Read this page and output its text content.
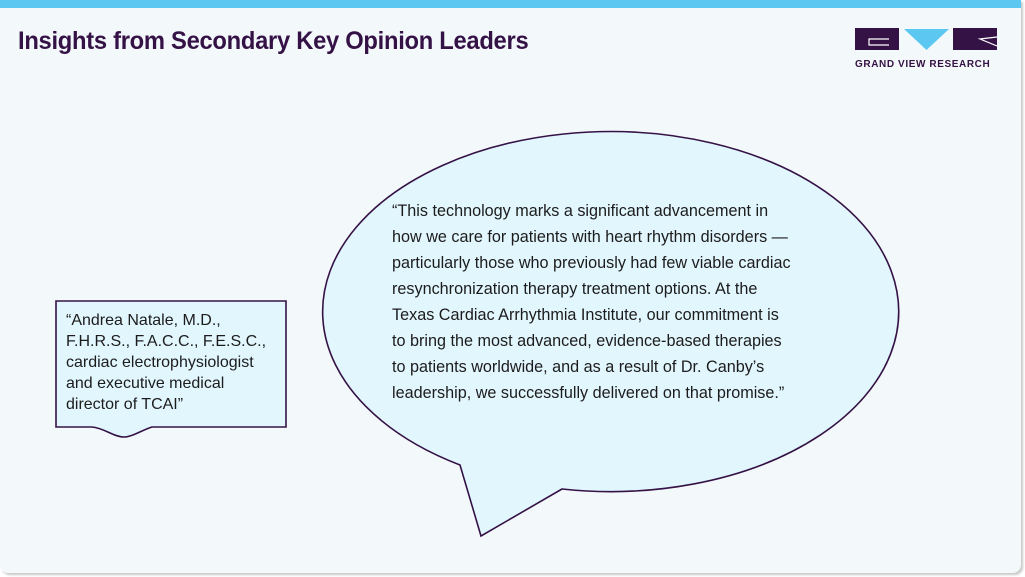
Insights from Secondary Key Opinion Leaders
GRAND VIEW RESEARCH
“Andrea Natale, M.D.,
F.H.R.S., F.A.C.C., F.E.S.C.,
cardiac electrophysiologist
and executive medical
director of TCAI”
“This technology marks a significant advancement in
how we care for patients with heart rhythm disorders —
particularly those who previously had few viable cardiac
resynchronization therapy treatment options. At the
Texas Cardiac Arrhythmia Institute, our commitment is
to bring the most advanced, evidence-based therapies
to patients worldwide, and as a result of Dr. Canby’s
leadership, we successfully delivered on that promise.”
